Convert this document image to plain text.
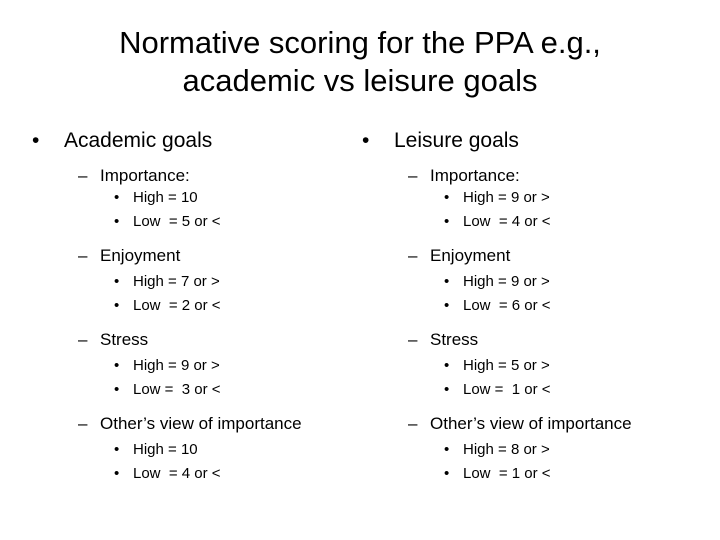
Normative scoring for the PPA e.g.,
academic vs leisure goals
• Academic goals
– Importance:
• High = 10
• Low  = 5 or <
– Enjoyment
• High = 7 or >
• Low  = 2 or <
– Stress
• High = 9 or >
• Low =  3 or <
– Other’s view of importance
• High = 10
• Low  = 4 or <
• Leisure goals
– Importance:
• High = 9 or >
• Low  = 4 or <
– Enjoyment
• High = 9 or >
• Low  = 6 or <
– Stress
• High = 5 or >
• Low =  1 or <
– Other’s view of importance
• High = 8 or >
• Low  = 1 or <
